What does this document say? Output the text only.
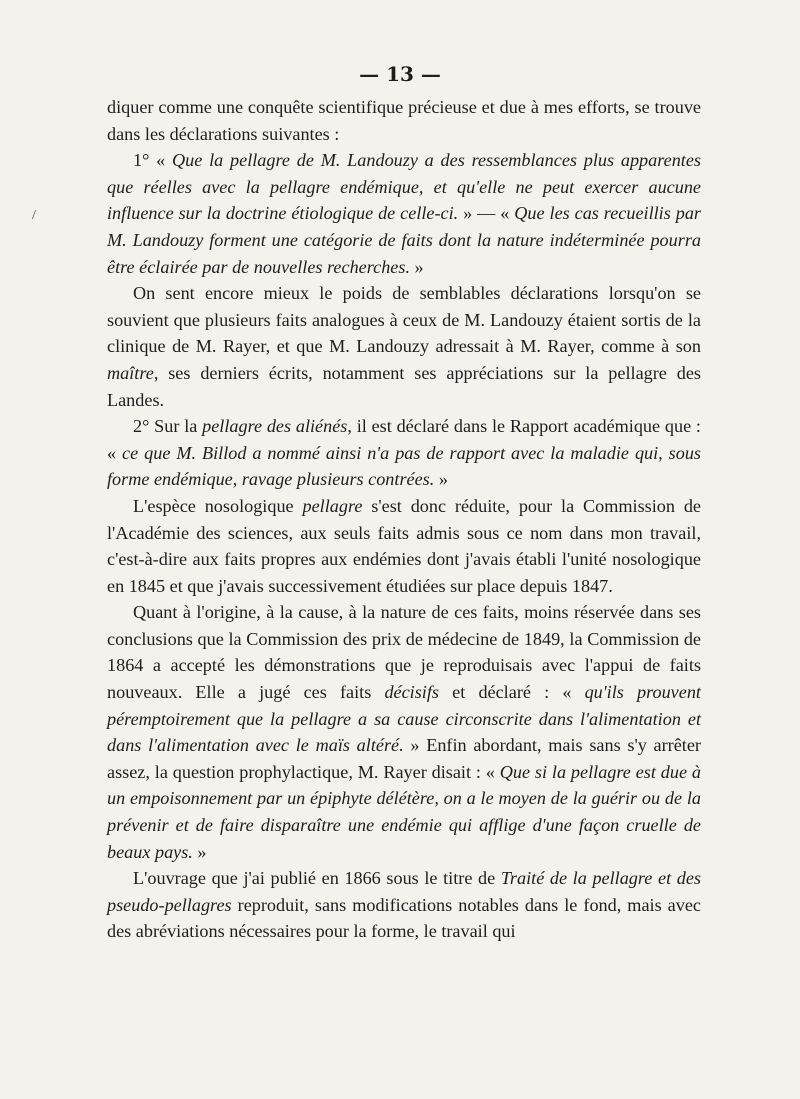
— 13 —
/

diquer comme une conquête scientifique précieuse et due à mes efforts, se trouve dans les déclarations suivantes :

1° « Que la pellagre de M. Landouzy a des ressemblances plus apparentes que réelles avec la pellagre endémique, et qu'elle ne peut exercer aucune influence sur la doctrine étiologique de celle-ci. » — « Que les cas recueillis par M. Landouzy forment une catégorie de faits dont la nature indéterminée pourra être éclairée par de nouvelles recherches. »

On sent encore mieux le poids de semblables déclarations lorsqu'on se souvient que plusieurs faits analogues à ceux de M. Landouzy étaient sortis de la clinique de M. Rayer, et que M. Landouzy adressait à M. Rayer, comme à son maître, ses derniers écrits, notamment ses appréciations sur la pellagre des Landes.

2° Sur la pellagre des aliénés, il est déclaré dans le Rapport académique que : « ce que M. Billod a nommé ainsi n'a pas de rapport avec la maladie qui, sous forme endémique, ravage plusieurs contrées. »

L'espèce nosologique pellagre s'est donc réduite, pour la Commission de l'Académie des sciences, aux seuls faits admis sous ce nom dans mon travail, c'est-à-dire aux faits propres aux endémies dont j'avais établi l'unité nosologique en 1845 et que j'avais successivement étudiées sur place depuis 1847.

Quant à l'origine, à la cause, à la nature de ces faits, moins réservée dans ses conclusions que la Commission des prix de médecine de 1849, la Commission de 1864 a accepté les démonstrations que je reproduisais avec l'appui de faits nouveaux. Elle a jugé ces faits décisifs et déclaré : « qu'ils prouvent péremptoirement que la pellagre a sa cause circonscrite dans l'alimentation et dans l'alimentation avec le maïs altéré. » Enfin abordant, mais sans s'y arrêter assez, la question prophylactique, M. Rayer disait : « Que si la pellagre est due à un empoisonnement par un épiphyte délétère, on a le moyen de la guérir ou de la prévenir et de faire disparaître une endémie qui afflige d'une façon cruelle de beaux pays. »

L'ouvrage que j'ai publié en 1866 sous le titre de Traité de la pellagre et des pseudo-pellagres reproduit, sans modifications notables dans le fond, mais avec des abréviations nécessaires pour la forme, le travail qui
